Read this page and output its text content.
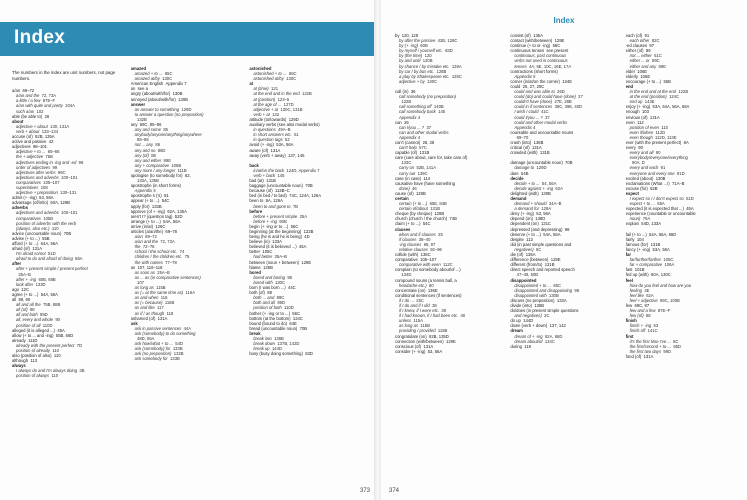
Index
The numbers in the index are unit numbers, not page numbers.
a/an 69–72
a/an and the 72, 73A
a little / a few 87E–F
a/an with quite and pretty 104A
such a/an 102
able (be able to) 26
about
adjective + about 130, 131A
verb + about 133–134
accuse (of) 62B, 135A
active and passive 42
adjectives 98–101
adjective + to ... 65–66
the + adjective 75B
adjectives ending in -ing and -ed 98
order of adjectives 99
adjectives after verbs 99C
adjectives and adverbs 100–101
comparatives 105–107
superlatives 108
adjective + preposition 130–131
admit (+ -ing) 53, 56A
advantage (of/in/to) 60A, 129B
adverbs
adjectives and adverbs 100–101
comparatives 105B
position of adverbs with the verb
(always, also etc.) 110
advice (uncountable noun) 70B
advise (+ to ...) 55B
afford (+ to ...) 54A, 56A
afraid (of) 131A
I'm afraid so/not 51D
afraid to do and afraid of doing 66A
after
after + present simple / present perfect
25A–B
after + -ing 60B, 68B
look after 133D
ago 12C
agree (+ to ...) 54A, 56A
all 88, 90
all and all the 75B, 88B
all (of) 88
all and both 89D
all, every and whole 90
position of all 110D
alleged (it is alleged ...) 45A
allow (+ to ... and -ing) 55B, 66D
already 111D
already with the present perfect 7D
position of already 110
also (position of also) 110
although 113
always
I always do and I'm always doing 3B
position of always 110
amazed
amazed + to ... 65C
amazed at/by 130C
American English Appendix 7
an see a
angry (about/with/for) 130B
annoyed (about/with/for) 130B
answer
an answer to something 129D
to answer a question (no preposition)
132B
any 69C, 85–86
any and some 85
anybody/anyone/anything/anywhere
85–86
not ... any 86
any and no 86D
any (of) 88
any and either 89E
any + comparative 106B
any more / any longer 111B
apologise (to somebody for) 62,
133A, 135B
apostrophe (in short forms)
Appendix 5
apostrophe s ('s) 81
appear (+ to ...) 54C
apply (for) 133B
approve (of + -ing) 62A, 135A
aren't I? (question tag) 52D
arrange (+ to ...) 54A, 56A
arrive (in/at) 126C
articles (a/an/the) 69–78
a/an 69–72
a/an and the 72, 73A
the 72–78
school / the school etc. 74
children / the children etc. 75
the with names 77–78
as 107, 116–118
as soon as 25A–B
as ... as (in comparative sentences)
107
as long as 115B
as (= at the same time as) 116A
as and when 116
as (= because) 116B
as and like 117
as if / as though 118
ashamed (of) 131A
ask
ask in passive sentences 44A
ask (somebody) to do something
48D, 55A
ask how/what + to ... 54D
ask (somebody) for 133B
ask (no preposition) 132B
ask somebody for 133B
astonished
astonished + to ... 65C
astonished at/by 130C
at
at (time) 121
at the end and in the end 122B
at (position) 123–5
at the age of ... 127D
adjective + at 130C, 131B
verb + at 132
attitude (to/towards) 129D
auxiliary verbs (see also modal verbs)
in questions 49A–B
in short answers etc. 51
in question tags 52
avoid (+ -ing) 53A, 56A
aware (of) 131A
away (verb + away) 137, 145

back
in/at/on the back 124D, Appendix 7
verb + back 145
bad (at) 131B
baggage (uncountable noun) 70B
because (of) 113B–C
bed (in bed / to bed) 74C, 124A, 126A
been to 8A, 126A
been to and gone to 7B
before
before + present simple 25A
before + -ing 60B
begin (+ -ing or to ...) 56C
beginning (at the beginning) 122B
being (he is and he is being) 4D
believe (in) 133A
believed (it is believed ...) 45A
better 105C
had better 35A–B
between (noun + between) 129E
blame 135B
bored
bored and boring 98
bored with 130C
born (I was born ...) 44C
both (of) 89
both ... and 89C
both and all 89D
position of both 110D
bother (+ -ing or to ...) 56C
bottom (at the bottom) 124C
bound (bound to do) 64E
bread (uncountable noun) 70B
break
break into 136B
break down 137B, 142D
break up 144D
busy (busy doing something) 63D
373
Index
by 120, 128
by after the passive 42B, 128C
by (+ -ing) 60B
by myself / yourself etc. 83D
by (the time) 120
by and until 120B
by chance / by mistake etc. 128A
by car / by bus etc. 128B
a play by Shakespeare etc. 128C
adjective + by 130C

call (in) 36
call somebody (no preposition)
132B
call something off 140B
call somebody back 145
Appendix 4
can 26
can I/you ... ? 37
can and other modal verbs
Appendix 4
can't (cannot) 26, 28
can't help 57C
capable (of) 131B
care (care about, care for, take care of)
133C
carry on 53B, 141A
carry out 139C
case (in case) 114
causative have (have something
done) 46
cause (of) 129B
certain
certain (+ to ...) 65E, 84B
certain of/about 131B
cheque (by cheque) 128B
church (church / the church) 74B
claim (+ to ...) 54C
clauses
when and if clauses 25
if clauses 38–40
-ing clauses 68, 97
relative clauses 92–96
collide (with) 136C
comparative 105–107
comparative with even 112C
complain (to somebody about/of ...)
134D
compound nouns (a tennis ball, a
headache etc.) 80
concentrate (on) 136E
conditional sentences (if sentences)
if I do ... 25C
if I do and if I did 38
if I knew, if I were etc. 39
if I had known, if I had been etc. 40
unless 115A
as long as 115B
providing / provided 115B
congratulate (on) 62B, 135D
connection (with/between) 129E
conscious (of) 131A
consider (+ -ing) 53, 56A
consist (of) 135A
contact (with/between) 129E
continue (+ to or -ing) 56C
continuous tenses see present
continuous, past continuous
verbs not used in continuous
tenses 4A, 6E, 10C, 16E, 17A
contractions (short forms)
Appendix 5
corner (in/at/on the corner) 124E
could 26, 27, 29C
could and was able to 26D
could (do) and could have (done) 27
couldn't have (done) 27E, 28B
could in if sentences 38C, 39E, 40D
I wish I could 41C
could I/you ... ? 37
could and other modal verbs
Appendix 4
countable and uncountable nouns
69–70
crash (into) 136B
critical (of) 131A
crowded (with) 131B

damage (uncountable noun) 70B
damage to 129D
dare 54B
decide
decide + to ... 54, 56A
decide against + -ing 62A
delighted (with) 130B
demand
demand + should 34A–B
a demand for 129A
deny (+ -ing) 53, 56A
depend (on) 136D
dependent (on) 131C
depressed (and depressing) 98
deserve (+ to ...) 54A, 56A
despite 113
did (in past simple questions and
negatives) 5C
die (of) 135A
difference (between) 129E
different (from/to) 131B
direct speech and reported speech
47–48, 50B
disappointed
disappointed + to ... 65C
disappointed and disappointing 98
disappointed with 130B
discuss (no preposition) 133A
divide (into) 136B
do/does (in present simple questions
and negatives) 2C
do up 144D
down (verb + down) 137, 142
dream
dream of + -ing 62A, 66D
dream about/of 134C
during 119
each (of) 91
each other 82C
-ed clauses 97
either (of) 89
not ... either 51C
either ... or 89C
either and any 89E
elder 106E
elderly 106E
encourage (+ to ...) 55B
end
in the end and at the end 122B
at the end (position) 124C
end up 143E
enjoy (+ -ing) 53A, 54A, 56A, 58A
enough 103
envious (of) 131A
even 112
position of even 110
even if/when 112D
even though 112D, 113E
ever (with the present perfect) 8A
every 90
every and all 90
everybody/everyone/everything
90A, D
every and each 91
everyone and every one 91D
excited (about) 130B
exclamations (What ...!) 71A–B
excuse (for) 62B
expect
I expect so / I don't expect so 51D
expect + to ... 55A
expected (it is expected that ...) 45A
experience (countable or uncountable
noun) 70A
explain 54D, 133A

fail (+ to ...) 54A, 56A, 66D
fairly 104
famous (for) 131B
fancy (+ -ing) 53A, 56A
far
far/further/farther 105C
far + comparative 106A
fast 101B
fed up (with) 60A, 130C
feel
how do you feel and how are you
feeling 4E
feel like 62A
feel + adjective 99C, 100B
few 69C, 87
few and a few 87E–F
few (of) 88
finish
finish + -ing 53
finish off 141C
first
it's the first time I've ... 8C
the first/second + to ... 65D
the first two days 99D
fond (of) 131A
374
